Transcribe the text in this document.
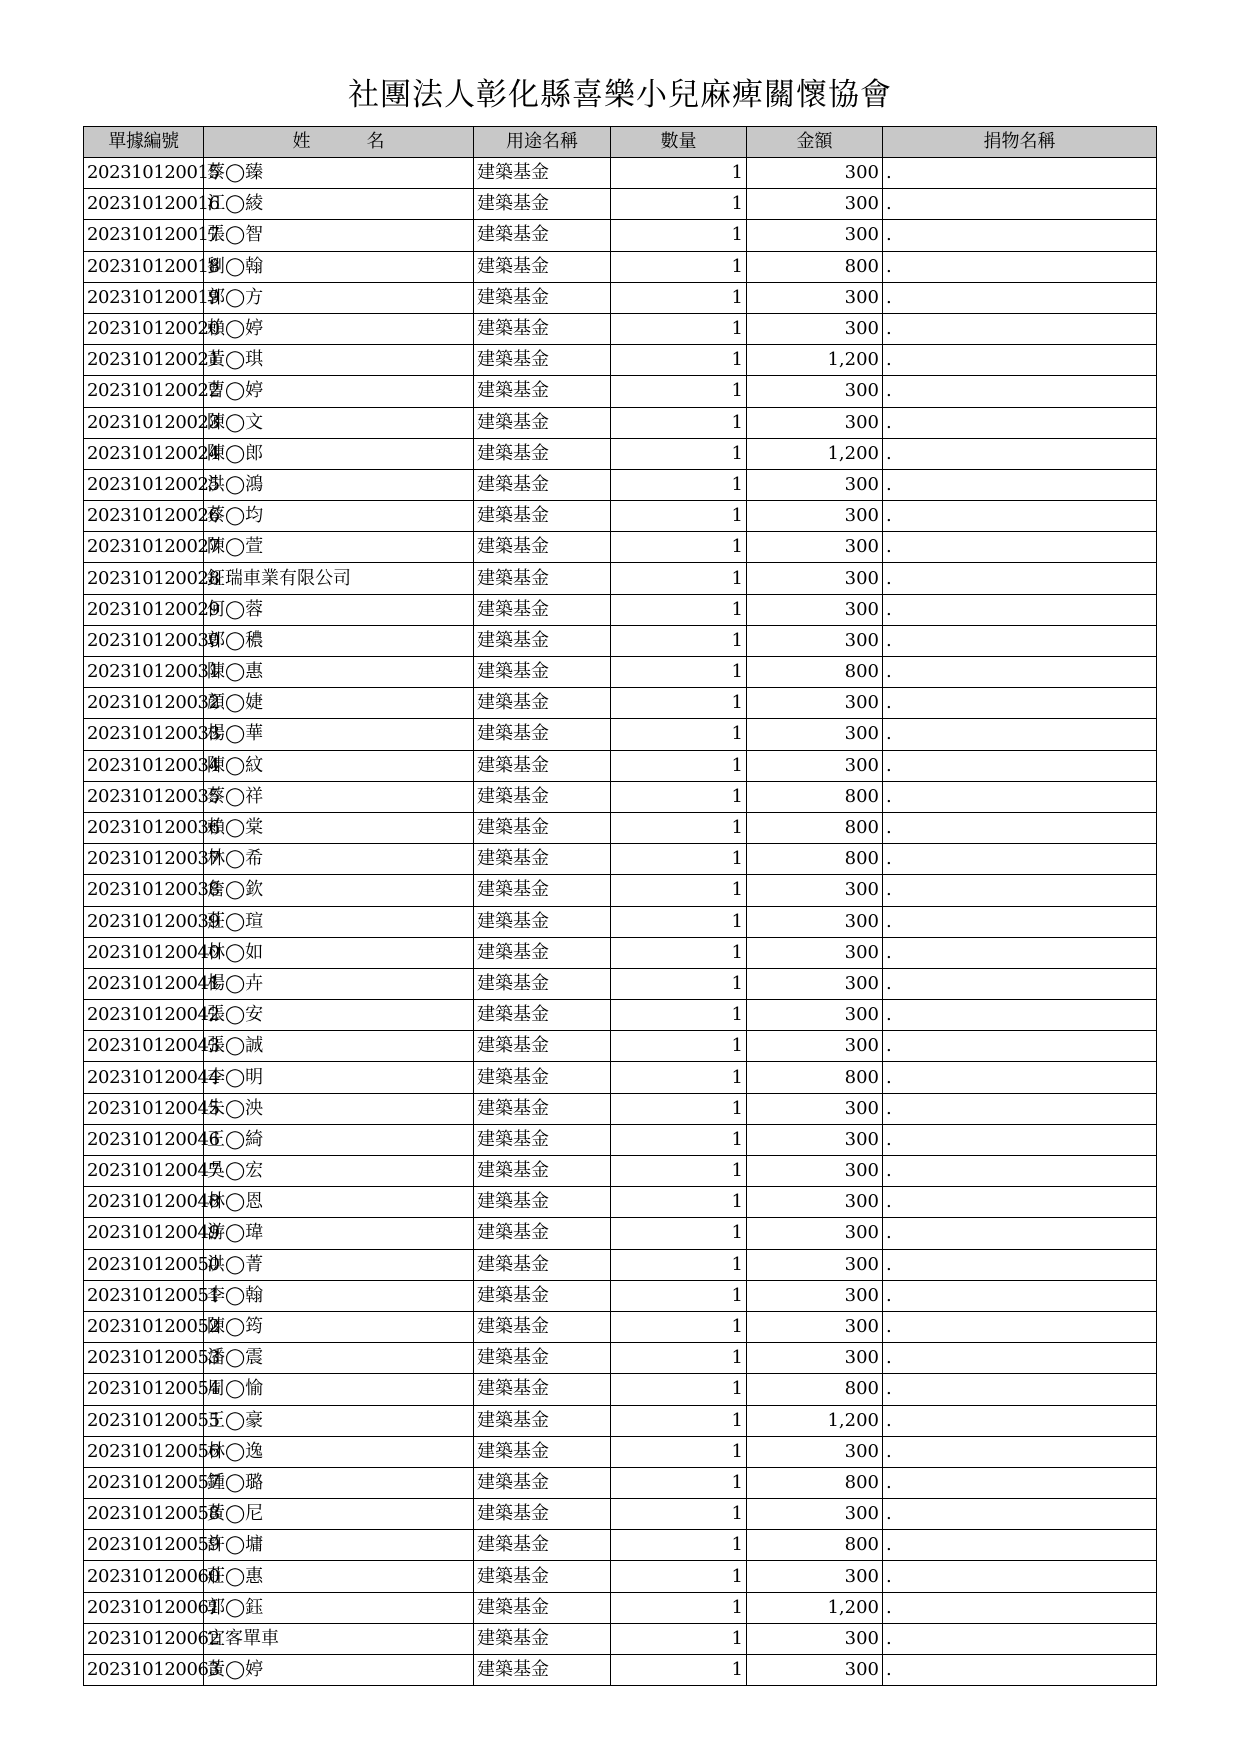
社團法人彰化縣喜樂小兒麻痺關懷協會
單據編號	姓名	用途名稱	數量	金額	捐物名稱
202310120015	蔡◯臻	建築基金	1	300	.
202310120016	江◯綾	建築基金	1	300	.
202310120017	張◯智	建築基金	1	300	.
202310120018	劉◯翰	建築基金	1	800	.
202310120019	郭◯方	建築基金	1	300	.
202310120020	賴◯婷	建築基金	1	300	.
202310120021	黃◯琪	建築基金	1	1,200	.
202310120022	曹◯婷	建築基金	1	300	.
202310120023	陳◯文	建築基金	1	300	.
202310120024	陳◯郎	建築基金	1	1,200	.
202310120025	洪◯鴻	建築基金	1	300	.
202310120026	蔡◯均	建築基金	1	300	.
202310120027	陳◯萱	建築基金	1	300	.
202310120028	鉦瑞車業有限公司	建築基金	1	300	.
202310120029	何◯蓉	建築基金	1	300	.
202310120030	郭◯穠	建築基金	1	300	.
202310120031	陳◯惠	建築基金	1	800	.
202310120032	顏◯婕	建築基金	1	300	.
202310120033	楊◯華	建築基金	1	300	.
202310120034	陳◯紋	建築基金	1	300	.
202310120035	蔡◯祥	建築基金	1	800	.
202310120036	賴◯棠	建築基金	1	800	.
202310120037	林◯希	建築基金	1	800	.
202310120038	詹◯欽	建築基金	1	300	.
202310120039	莊◯瑄	建築基金	1	300	.
202310120040	林◯如	建築基金	1	300	.
202310120041	楊◯卉	建築基金	1	300	.
202310120042	張◯安	建築基金	1	300	.
202310120043	張◯誠	建築基金	1	300	.
202310120044	李◯明	建築基金	1	800	.
202310120045	朱◯泱	建築基金	1	300	.
202310120046	王◯綺	建築基金	1	300	.
202310120047	吳◯宏	建築基金	1	300	.
202310120048	林◯恩	建築基金	1	300	.
202310120049	游◯瑋	建築基金	1	300	.
202310120050	洪◯菁	建築基金	1	300	.
202310120051	李◯翰	建築基金	1	300	.
202310120052	陳◯筠	建築基金	1	300	.
202310120053	潘◯震	建築基金	1	300	.
202310120054	周◯愉	建築基金	1	800	.
202310120055	王◯豪	建築基金	1	1,200	.
202310120056	林◯逸	建築基金	1	300	.
202310120057	鍾◯璐	建築基金	1	800	.
202310120058	黃◯尼	建築基金	1	300	.
202310120059	許◯墉	建築基金	1	800	.
202310120060	莊◯惠	建築基金	1	300	.
202310120061	郭◯鈺	建築基金	1	1,200	.
202310120062	宜客單車	建築基金	1	300	.
202310120063	黃◯婷	建築基金	1	300	.
